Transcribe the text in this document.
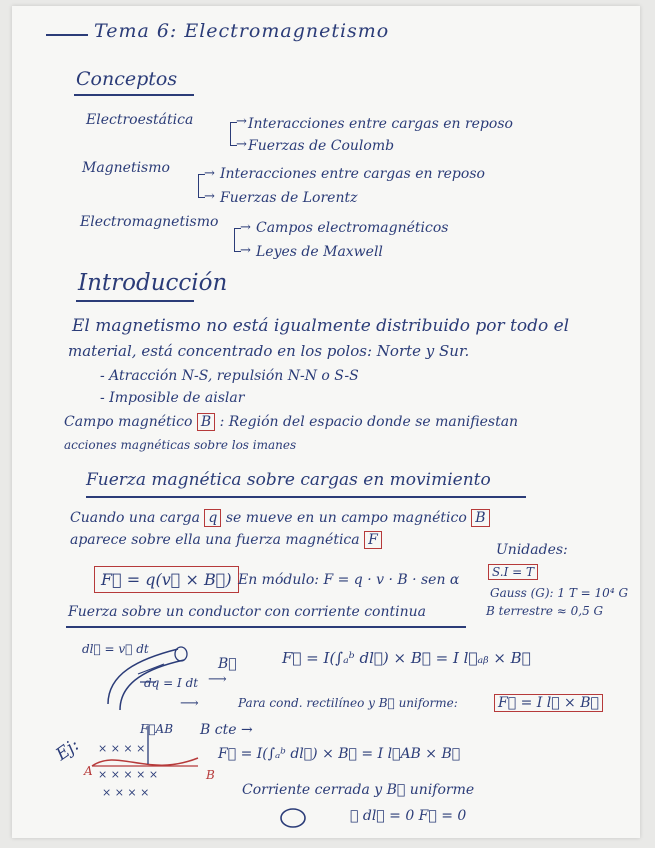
Tema 6: Electromagnetismo
Conceptos
Electroestática	Interacciones entre cargas en reposo
Fuerzas de Coulomb
→
→
Magnetismo	Interacciones entre cargas en reposo
Fuerzas de Lorentz
→
→
Electromagnetismo	Campos electromagnéticos
Leyes de Maxwell
→
→
Introducción
El magnetismo no está igualmente distribuido por todo el
material, está concentrado en los polos: Norte y Sur.
- Atracción N-S, repulsión N-N o S-S
- Imposible de aislar
Campo magnético B : Región del espacio donde se manifiestan
acciones magnéticas sobre los imanes
Fuerza magnética sobre cargas en movimiento
Cuando una carga q se mueve en un campo magnético B
aparece sobre ella una fuerza magnética F
Unidades:
F⃗ = q(v⃗ × B⃗) En módulo: F = q · v · B · sen α	S.I = T
Gauss (G): 1 T = 10⁴ G
B terrestre ≈ 0,5 G
Fuerza sobre un conductor con corriente continua
dl⃗ = v⃗ dt
dq = I dt
B⃗
⟶
F⃗ = I(∫ₐᵇ dl⃗) × B⃗ = I l⃗ₐᵦ × B⃗
Para cond. rectilíneo y B⃗ uniforme:	F⃗ = I l⃗ × B⃗
⟶
Ej: × × × ×
× × × × ×
× × × ×
F⃗AB
A	B
B cte →
F⃗ = I(∫ₐᵇ dl⃗) × B⃗ = I l⃗AB × B⃗
Corriente cerrada y B⃗ uniforme
∮ dl⃗ = 0 F⃗ = 0
